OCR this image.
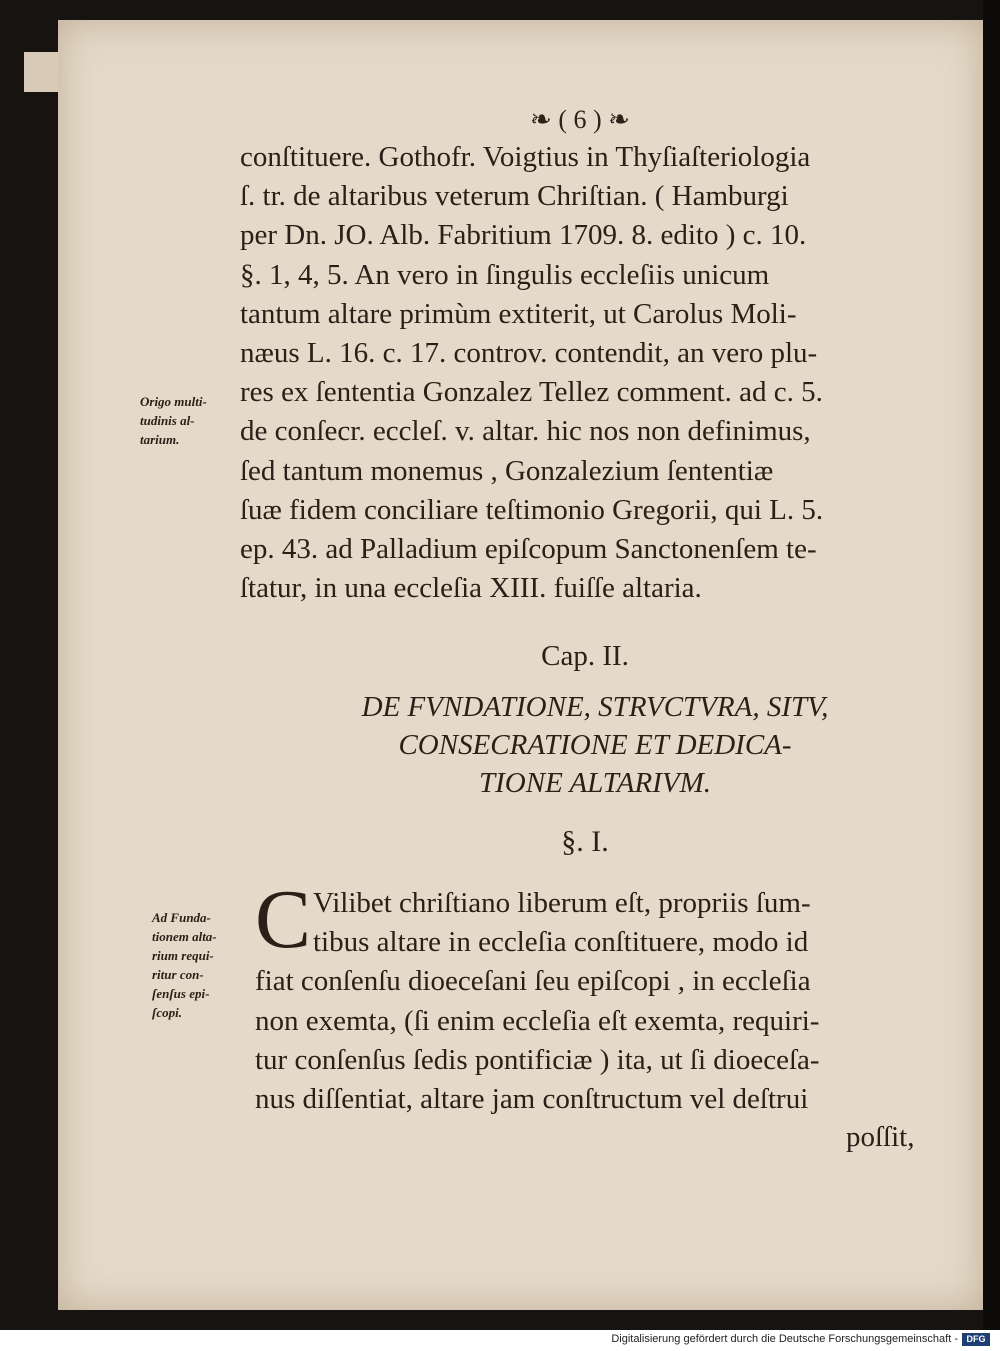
❧ ( 6 ) ❧
conſtituere. Gothofr. Voigtius in Thyſiaſteriologia
ſ. tr. de altaribus veterum Chriſtian. ( Hamburgi
per Dn. JO. Alb. Fabritium 1709. 8. edito ) c. 10.
§. 1, 4, 5. An vero in ſingulis eccleſiis unicum
tantum altare primùm extiterit, ut Carolus Moli-
næus L. 16. c. 17. controv. contendit, an vero plu-
res ex ſententia Gonzalez Tellez comment. ad c. 5.
de conſecr. eccleſ. v. altar. hic nos non definimus,
ſed tantum monemus , Gonzalezium ſententiæ
ſuæ fidem conciliare teſtimonio Gregorii, qui L. 5.
ep. 43. ad Palladium epiſcopum Sanctonenſem te-
ſtatur, in una eccleſia XIII. fuiſſe altaria.
Origo multi-
tudinis al-
tarium.
Cap. II.
DE FVNDATIONE, STRVCTVRA, SITV,
CONSECRATIONE ET DEDICA-
TIONE ALTARIVM.
§. I.
C Vilibet chriſtiano liberum eſt, propriis ſum-
tibus altare in eccleſia conſtituere, modo id
fiat conſenſu dioeceſani ſeu epiſcopi , in eccleſia
non exemta, (ſi enim eccleſia eſt exemta, requiri-
tur conſenſus ſedis pontificiæ ) ita, ut ſi dioeceſa-
nus diſſentiat, altare jam conſtructum vel deſtrui
poſſit,
Ad Funda-
tionem alta-
rium requi-
ritur con-
ſenſus epi-
ſcopi.
Digitalisierung gefördert durch die Deutsche Forschungsgemeinschaft - DFG
